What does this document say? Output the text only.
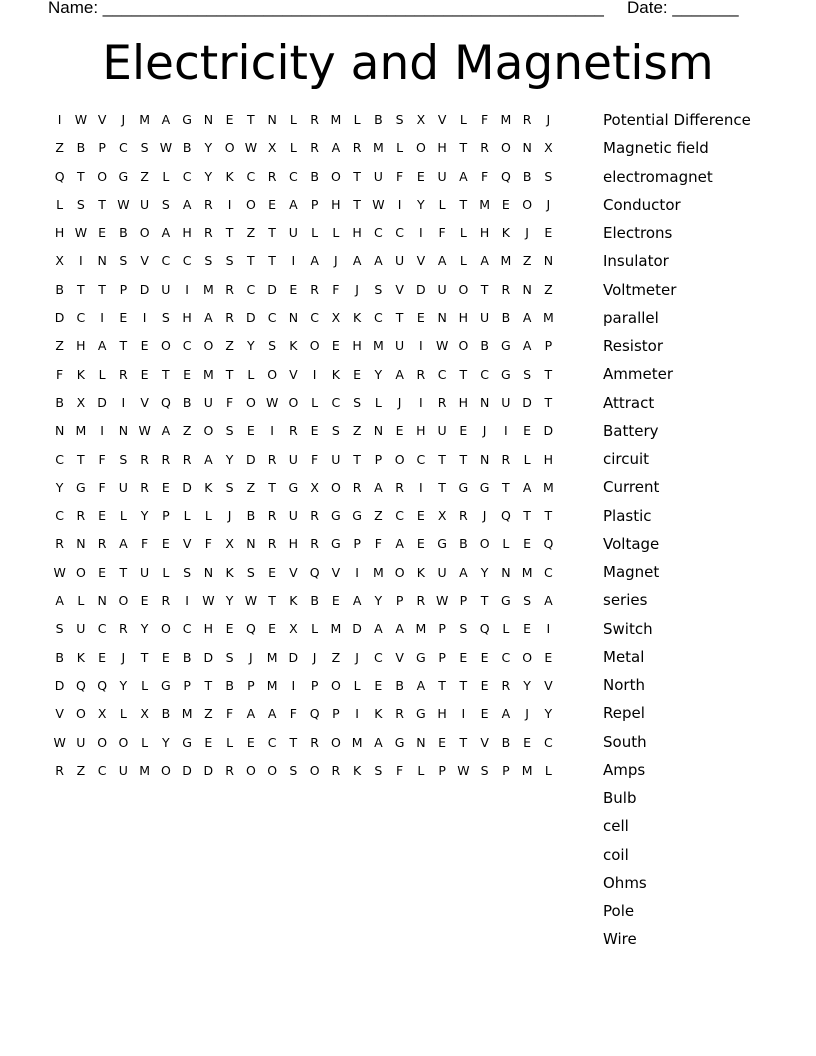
Name: _____________________________________________________ Date: _______
Electricity and Magnetism
I	W V	J	M A G N	E	T	N	L	R M L	B	S	X	V	L	F M R	J
Z	B	P	C	S W B	Y	O W X	L	R	A	R M L	O H	T	R O N X
Q	T	O G Z	L	C	Y	K	C	R	C	B O	T	U	F	E	U A	F	Q B	S
L	S	T W U	S	A	R	I	O E	A	P	H	T W	I	Y	L	T M E O	J
H W E	B O A H R	T	Z	T	U	L	L	H C	C	I	F	L	H K	J	E
X	I	N	S	V	C	C	S	S	T	T	I	A	J	A	A U V	A	L	A M Z N
B	T	T	P	D U	I	M R	C D E	R	F	J	S	V D U O	T	R N Z
D C	I	E	I	S	H A	R D C N C	X	K	C	T	E	N H U B	A M
Z H A	T	E O C O Z	Y	S	K O E	H M U	I	W O B G A	P
F	K	L	R	E	T	E M T	L	O V	I	K	E	Y	A	R	C	T	C G S	T
B	X D	I	V Q B U	F	O W O	L	C	S	L	J	I	R H N U D	T
N M	I	N W A	Z O S	E	I	R	E	S	Z N	E	H U	E	J	I	E D
C	T	F	S	R	R	R	A	Y	D R U	F	U	T	P	O C	T	T	N R	L	H
Y	G	F	U R	E D K	S	Z	T	G X O R	A	R	I	T	G G	T	A M
C	R	E	L	Y	P	L	L	J	B	R U R G G Z	C	E	X	R	J	Q	T	T
R N R	A	F	E	V	F	X N R H R G	P	F	A	E G B O	L	E Q
W O E	T	U	L	S	N K	S	E	V Q V	I	M O K	U A	Y	N M C
A	L	N O E	R	I	W Y W T	K	B	E	A	Y	P	R W P	T	G S	A
S	U C	R	Y	O C H	E Q E	X	L M D A	A M P	S Q	L	E	I
B	K	E	J	T	E	B D S	J	M D	J	Z	J	C	V G	P	E	E	C O E
D Q Q	Y	L	G	P	T	B	P M	I	P	O	L	E	B	A	T	T	E	R	Y	V
V O X	L	X	B M Z	F	A	A	F	Q	P	I	K	R G H	I	E	A	J	Y
W U O O	L	Y	G E	L	E	C	T	R O M A G N	E	T	V	B	E	C
R	Z	C U M O D D R O O S O R	K	S	F	L	P W S	P M L
Potential Difference
Magnetic field
electromagnet
Conductor
Electrons
Insulator
Voltmeter
parallel
Resistor
Ammeter
Attract
Battery
circuit
Current
Plastic
Voltage
Magnet
series
Switch
Metal
North
Repel
South
Amps
Bulb
cell
coil
Ohms
Pole
Wire
